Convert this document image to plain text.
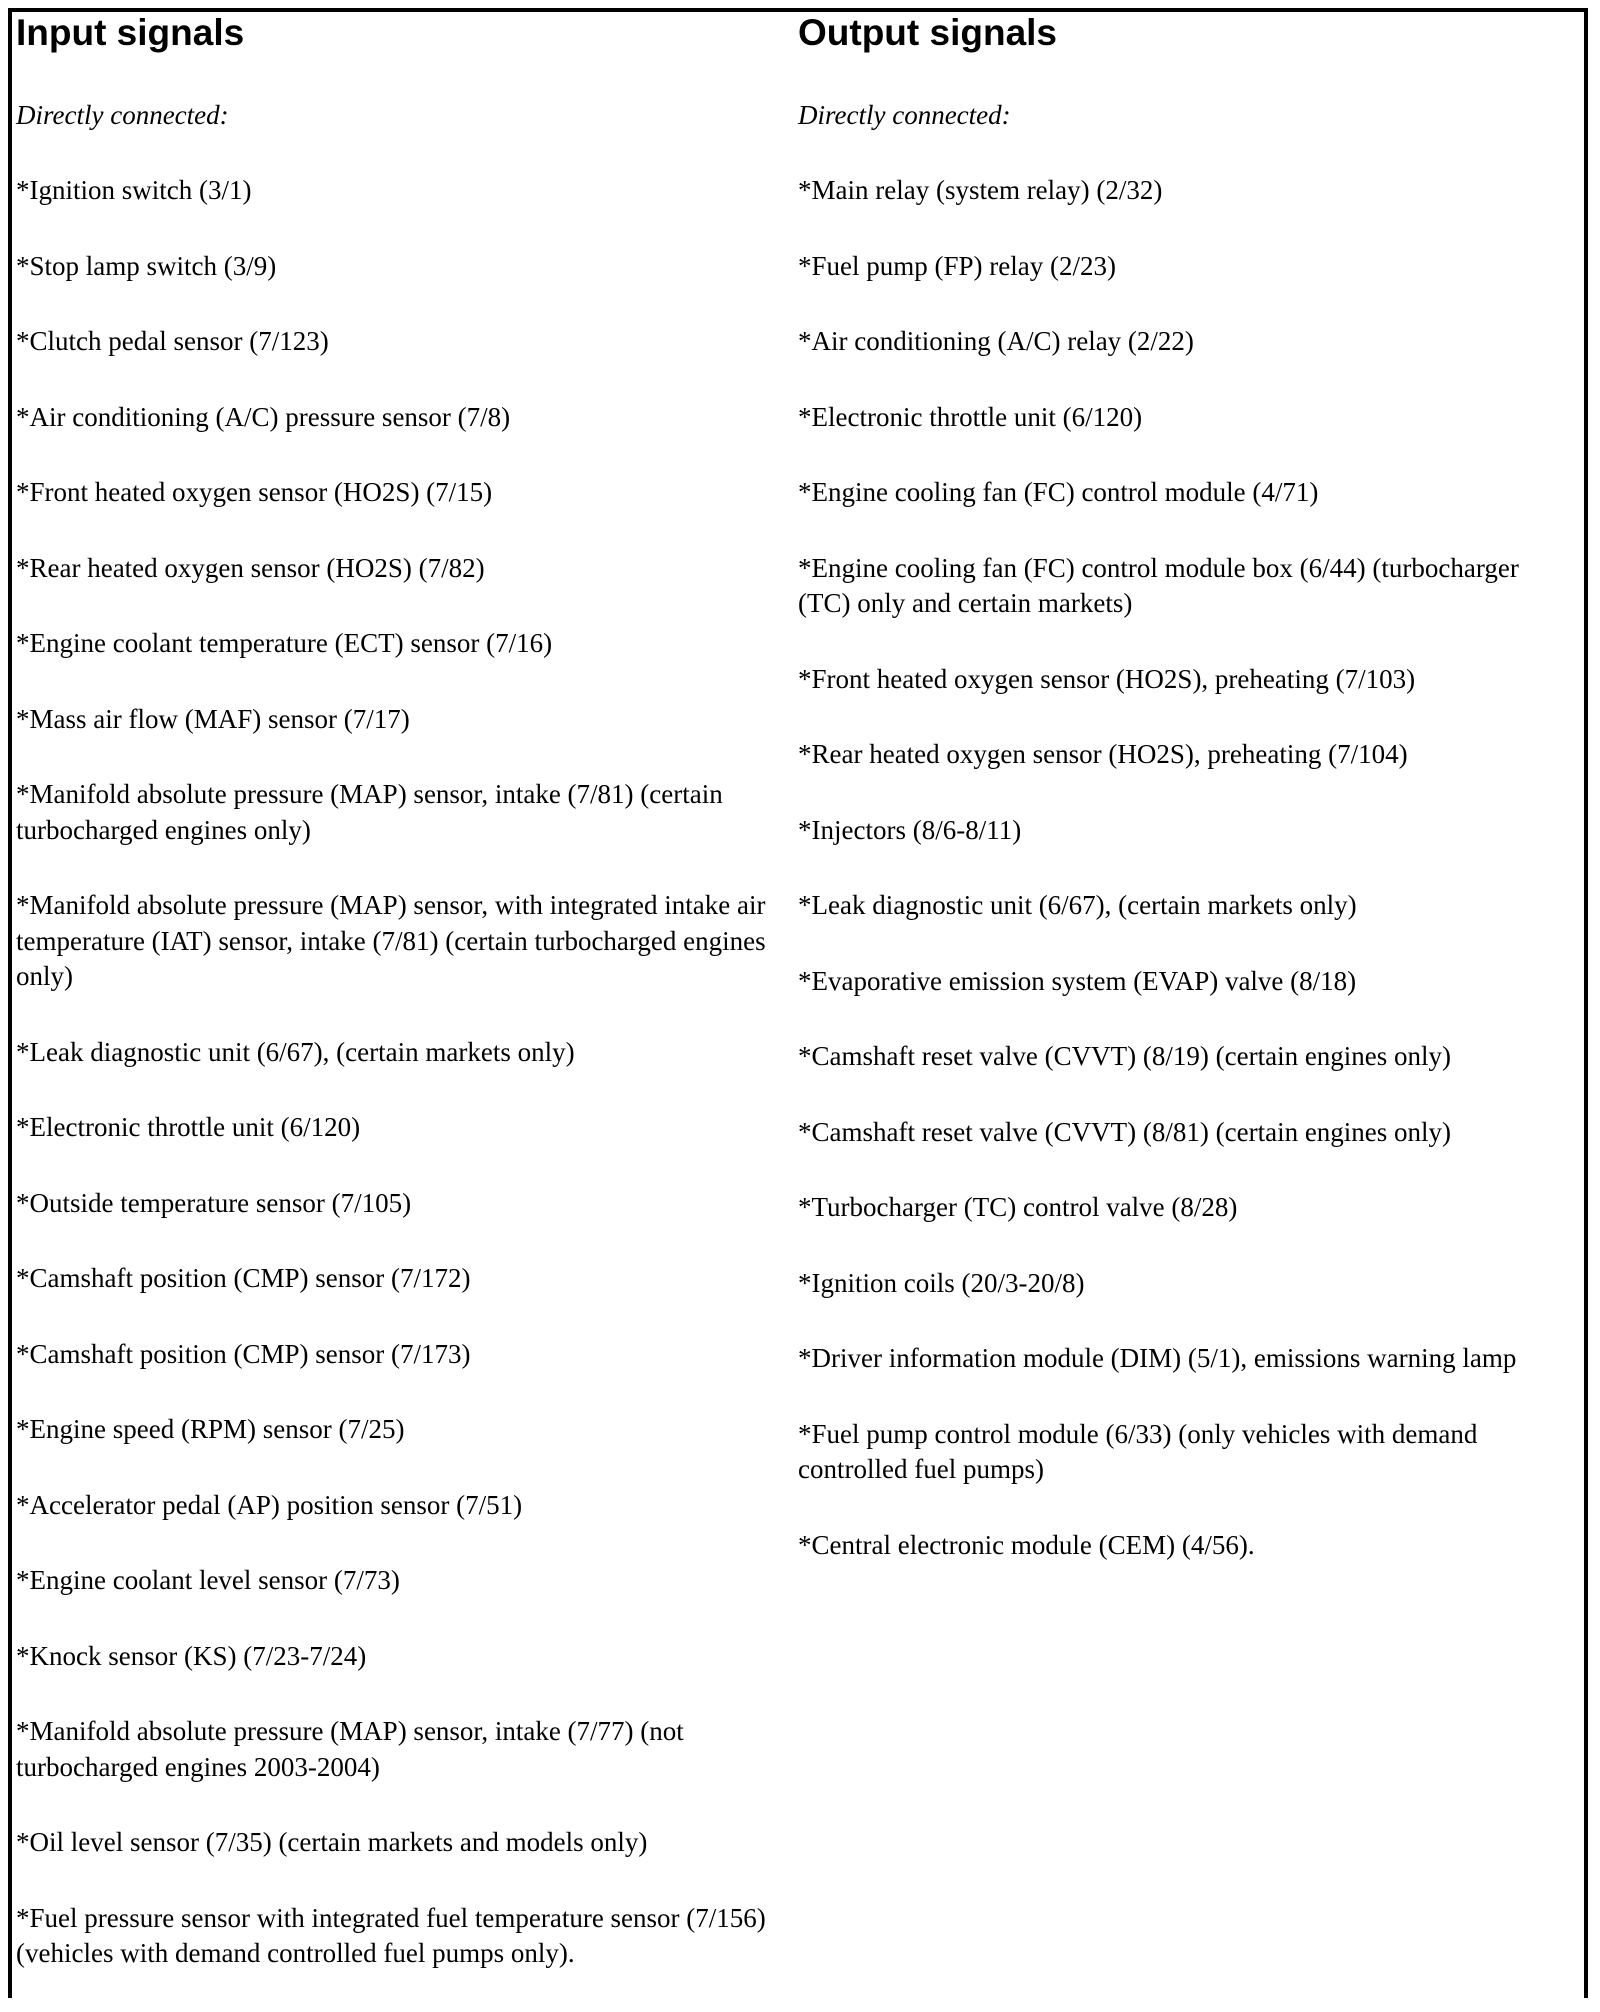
Input signals

Directly connected:

*Ignition switch (3/1)
*Stop lamp switch (3/9)
*Clutch pedal sensor (7/123)
*Air conditioning (A/C) pressure sensor (7/8)
*Front heated oxygen sensor (HO2S) (7/15)
*Rear heated oxygen sensor (HO2S) (7/82)
*Engine coolant temperature (ECT) sensor (7/16)
*Mass air flow (MAF) sensor (7/17)
*Manifold absolute pressure (MAP) sensor, intake (7/81) (certain turbocharged engines only)
*Manifold absolute pressure (MAP) sensor, with integrated intake air temperature (IAT) sensor, intake (7/81) (certain turbocharged engines only)
*Leak diagnostic unit (6/67), (certain markets only)
*Electronic throttle unit (6/120)
*Outside temperature sensor (7/105)
*Camshaft position (CMP) sensor (7/172)
*Camshaft position (CMP) sensor (7/173)
*Engine speed (RPM) sensor (7/25)
*Accelerator pedal (AP) position sensor (7/51)
*Engine coolant level sensor (7/73)
*Knock sensor (KS) (7/23-7/24)
*Manifold absolute pressure (MAP) sensor, intake (7/77) (not turbocharged engines 2003-2004)
*Oil level sensor (7/35) (certain markets and models only)
*Fuel pressure sensor with integrated fuel temperature sensor (7/156) (vehicles with demand controlled fuel pumps only).
Output signals

Directly connected:

*Main relay (system relay) (2/32)
*Fuel pump (FP) relay (2/23)
*Air conditioning (A/C) relay (2/22)
*Electronic throttle unit (6/120)
*Engine cooling fan (FC) control module (4/71)
*Engine cooling fan (FC) control module box (6/44) (turbocharger (TC) only and certain markets)
*Front heated oxygen sensor (HO2S), preheating (7/103)
*Rear heated oxygen sensor (HO2S), preheating (7/104)
*Injectors (8/6-8/11)
*Leak diagnostic unit (6/67), (certain markets only)
*Evaporative emission system (EVAP) valve (8/18)
*Camshaft reset valve (CVVT) (8/19) (certain engines only)
*Camshaft reset valve (CVVT) (8/81) (certain engines only)
*Turbocharger (TC) control valve (8/28)
*Ignition coils (20/3-20/8)
*Driver information module (DIM) (5/1), emissions warning lamp
*Fuel pump control module (6/33) (only vehicles with demand controlled fuel pumps)
*Central electronic module (CEM) (4/56).
